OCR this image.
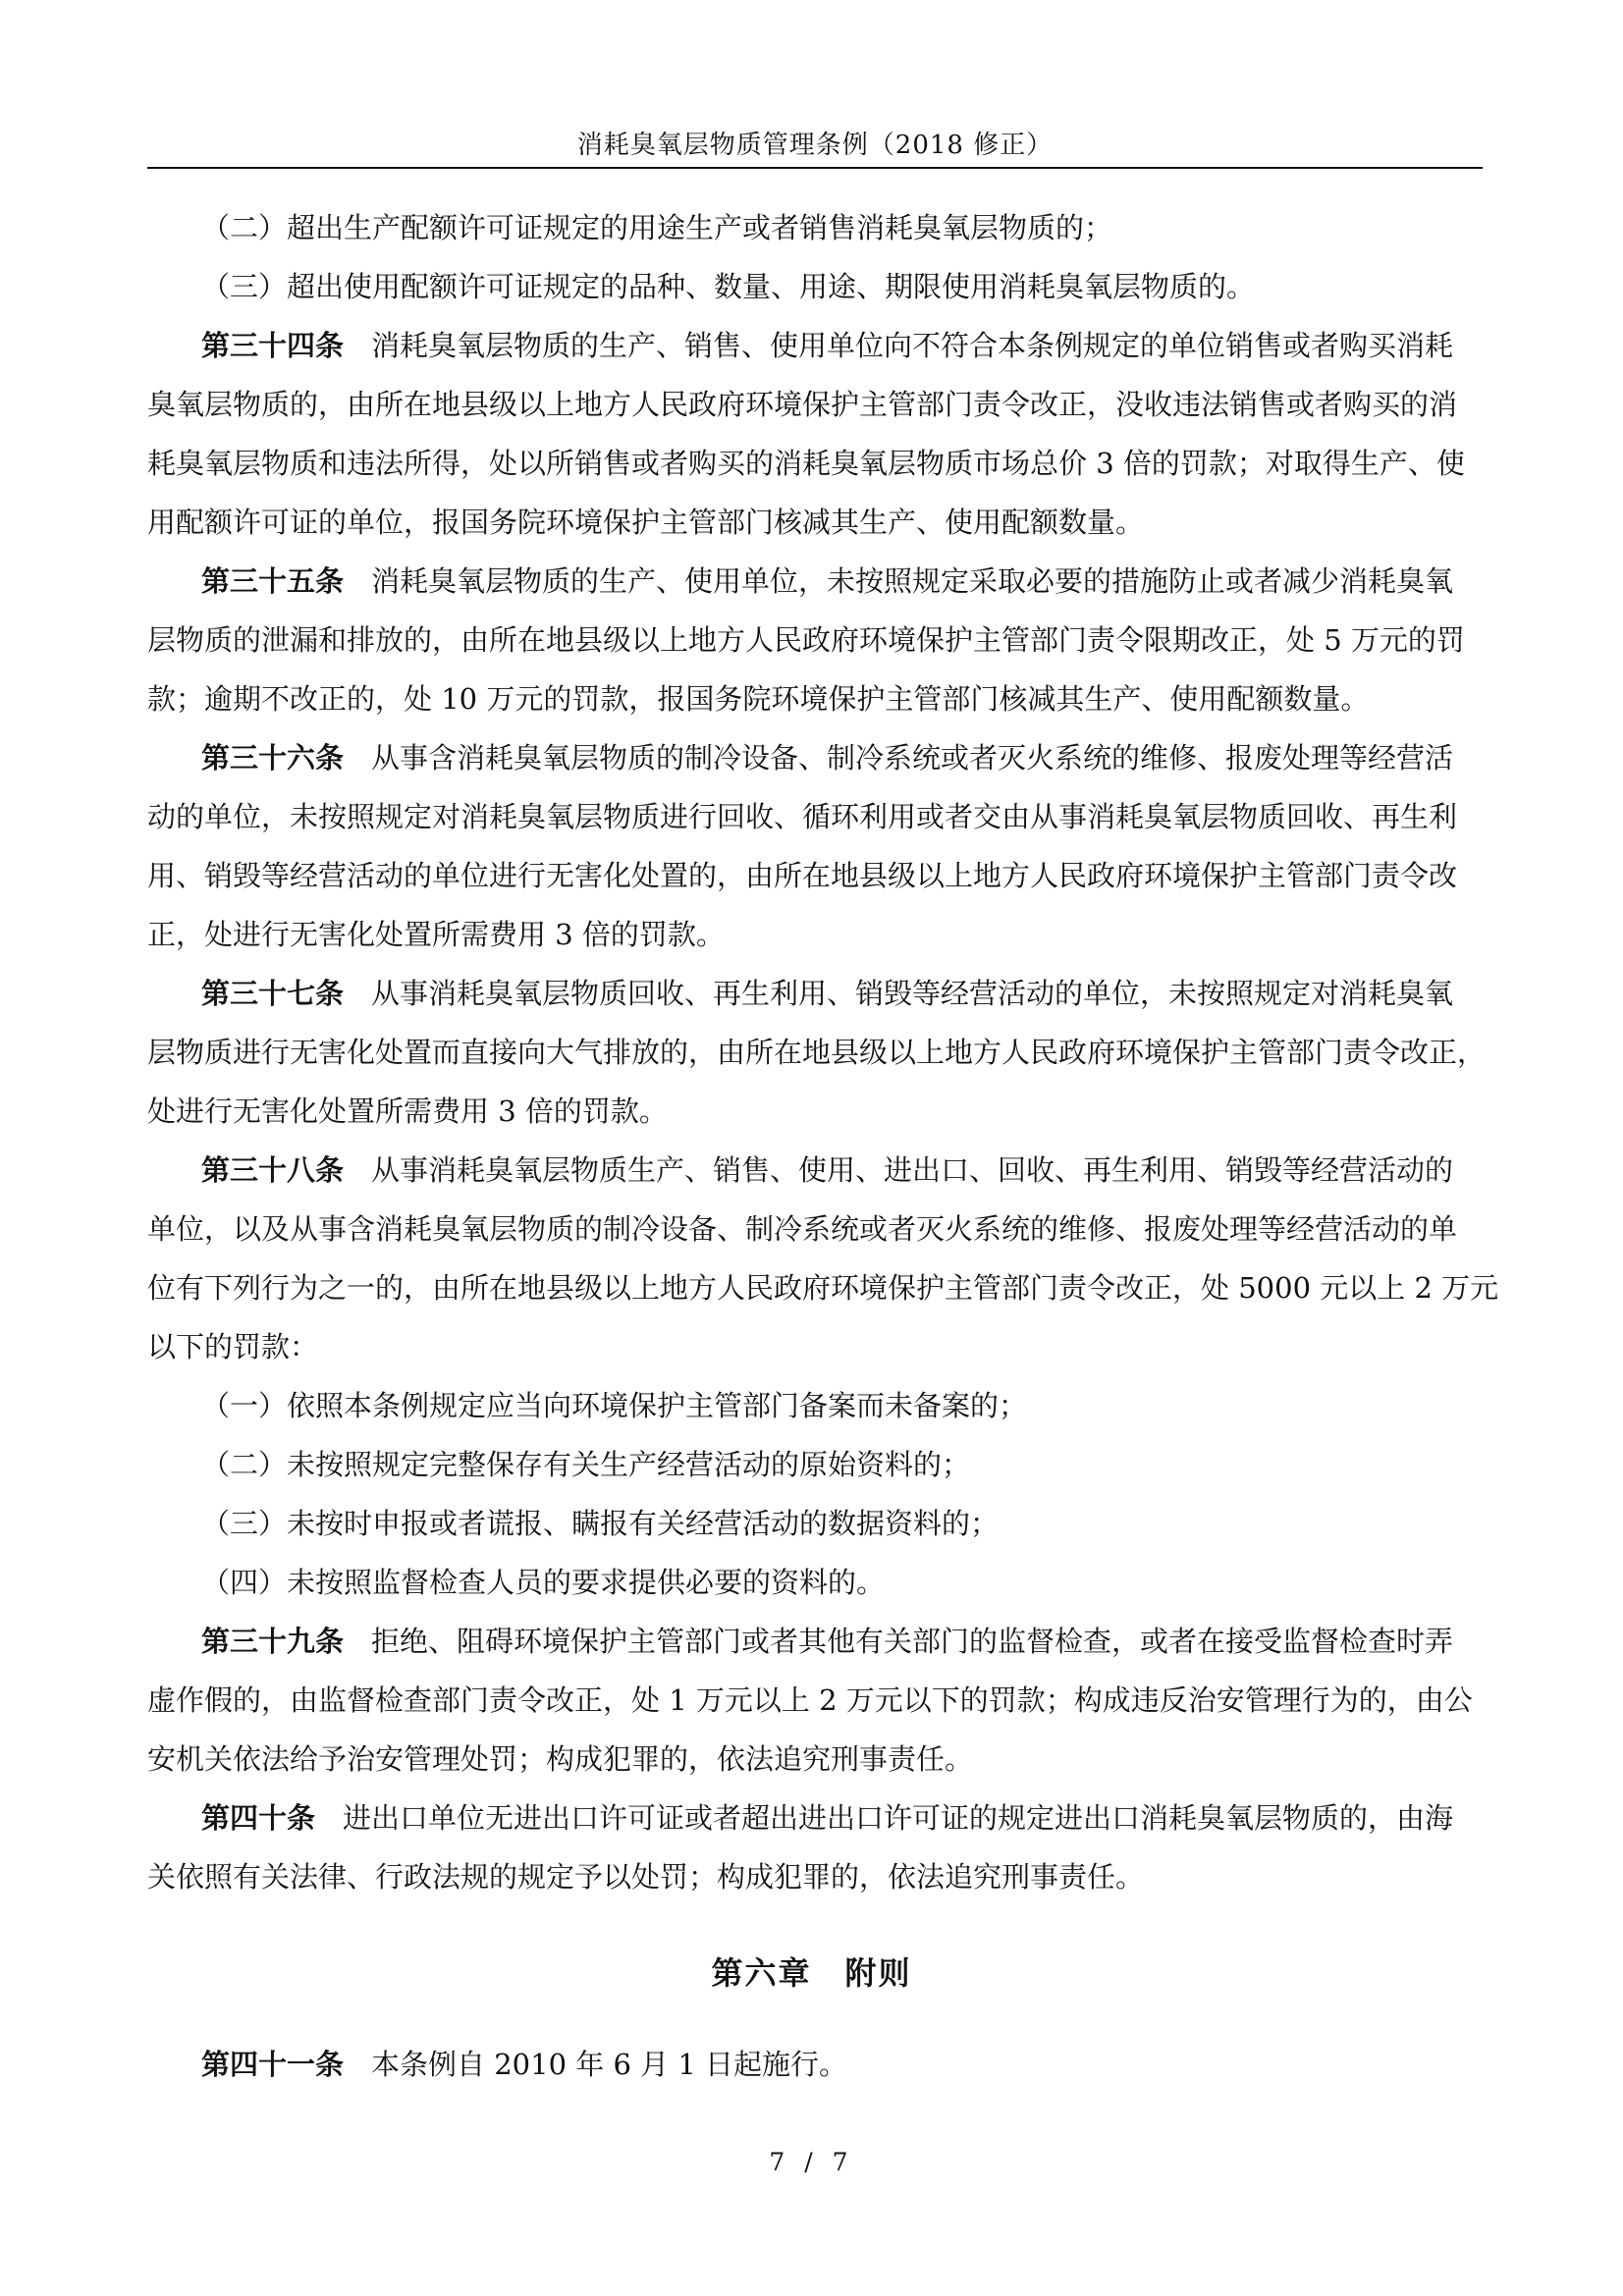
消耗臭氧层物质管理条例（2018 修正）
（二）超出生产配额许可证规定的用途生产或者销售消耗臭氧层物质的；
（三）超出使用配额许可证规定的品种、数量、用途、期限使用消耗臭氧层物质的。
第三十四条 消耗臭氧层物质的生产、销售、使用单位向不符合本条例规定的单位销售或者购买消耗
臭氧层物质的，由所在地县级以上地方人民政府环境保护主管部门责令改正，没收违法销售或者购买的消
耗臭氧层物质和违法所得，处以所销售或者购买的消耗臭氧层物质市场总价 3 倍的罚款；对取得生产、使
用配额许可证的单位，报国务院环境保护主管部门核减其生产、使用配额数量。
第三十五条 消耗臭氧层物质的生产、使用单位，未按照规定采取必要的措施防止或者减少消耗臭氧
层物质的泄漏和排放的，由所在地县级以上地方人民政府环境保护主管部门责令限期改正，处 5 万元的罚
款；逾期不改正的，处 10 万元的罚款，报国务院环境保护主管部门核减其生产、使用配额数量。
第三十六条 从事含消耗臭氧层物质的制冷设备、制冷系统或者灭火系统的维修、报废处理等经营活
动的单位，未按照规定对消耗臭氧层物质进行回收、循环利用或者交由从事消耗臭氧层物质回收、再生利
用、销毁等经营活动的单位进行无害化处置的，由所在地县级以上地方人民政府环境保护主管部门责令改
正，处进行无害化处置所需费用 3 倍的罚款。
第三十七条 从事消耗臭氧层物质回收、再生利用、销毁等经营活动的单位，未按照规定对消耗臭氧
层物质进行无害化处置而直接向大气排放的，由所在地县级以上地方人民政府环境保护主管部门责令改正，
处进行无害化处置所需费用 3 倍的罚款。
第三十八条 从事消耗臭氧层物质生产、销售、使用、进出口、回收、再生利用、销毁等经营活动的
单位，以及从事含消耗臭氧层物质的制冷设备、制冷系统或者灭火系统的维修、报废处理等经营活动的单
位有下列行为之一的，由所在地县级以上地方人民政府环境保护主管部门责令改正，处 5000 元以上 2 万元
以下的罚款：
（一）依照本条例规定应当向环境保护主管部门备案而未备案的；
（二）未按照规定完整保存有关生产经营活动的原始资料的；
（三）未按时申报或者谎报、瞒报有关经营活动的数据资料的；
（四）未按照监督检查人员的要求提供必要的资料的。
第三十九条 拒绝、阻碍环境保护主管部门或者其他有关部门的监督检查，或者在接受监督检查时弄
虚作假的，由监督检查部门责令改正，处 1 万元以上 2 万元以下的罚款；构成违反治安管理行为的，由公
安机关依法给予治安管理处罚；构成犯罪的，依法追究刑事责任。
第四十条 进出口单位无进出口许可证或者超出进出口许可证的规定进出口消耗臭氧层物质的，由海
关依照有关法律、行政法规的规定予以处罚；构成犯罪的，依法追究刑事责任。
第六章 附则
第四十一条 本条例自 2010 年 6 月 1 日起施行。
7 / 7
